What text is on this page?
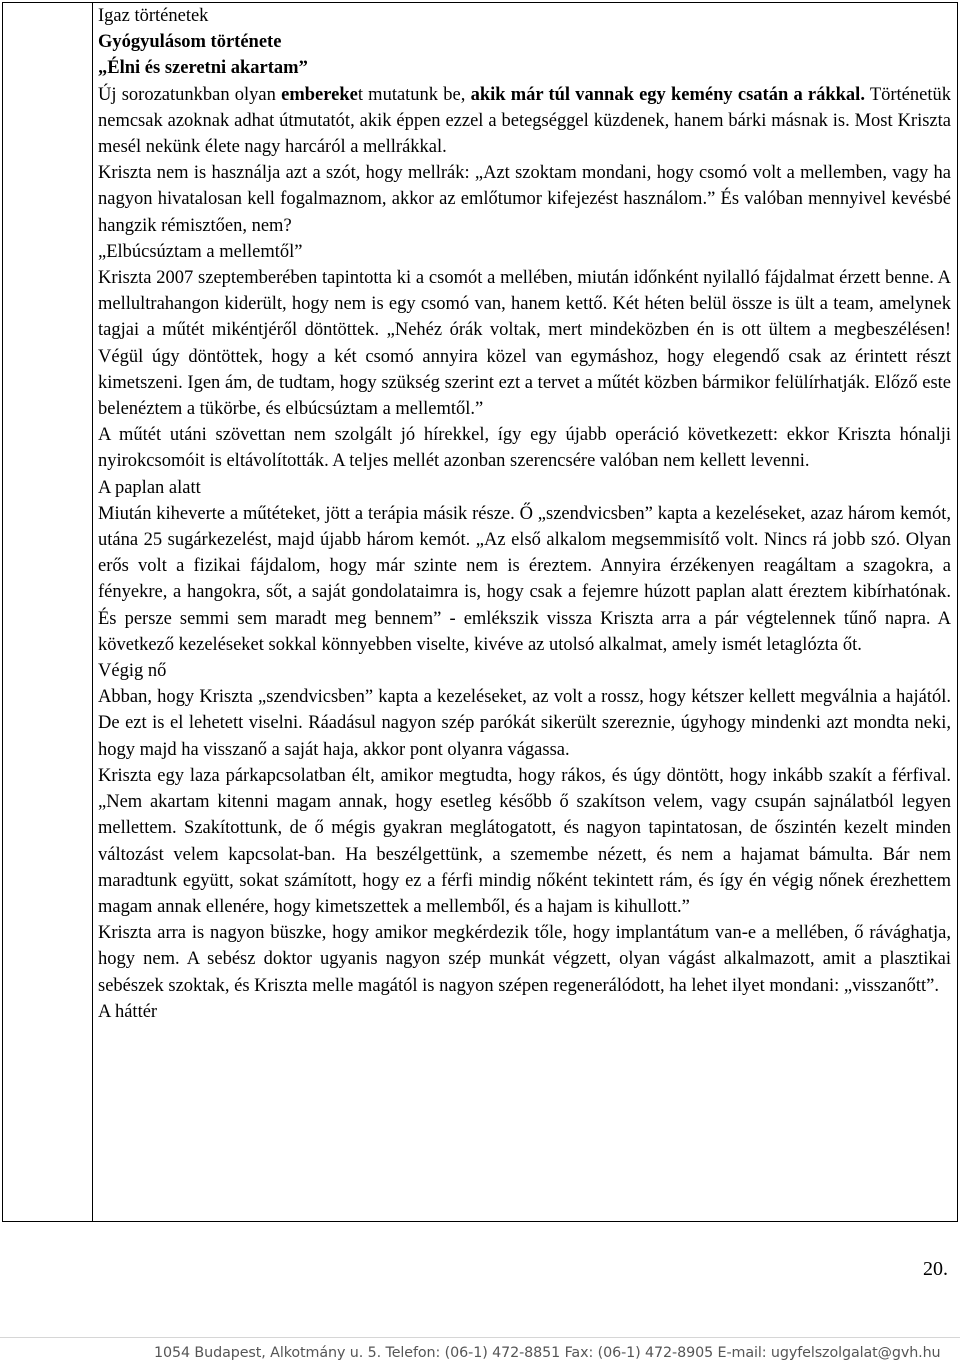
Igaz történetek

Gyógyulásom története

„Élni és szeretni akartam”

Új sorozatunkban olyan embereket mutatunk be, akik már túl vannak egy kemény csatán a rákkal. Történetük nemcsak azoknak adhat útmutatót, akik éppen ezzel a betegséggel küzdenek, hanem bárki másnak is. Most Kriszta mesél nekünk élete nagy harcáról a mellrákkal.

Kriszta nem is használja azt a szót, hogy mellrák: „Azt szoktam mondani, hogy csomó volt a mellemben, vagy ha nagyon hivatalosan kell fogalmaznom, akkor az emlőtumor kifejezést használom.” És valóban mennyivel kevésbé hangzik rémisztően, nem?

„Elbúcsúztam a mellemtől”

Kriszta 2007 szeptemberében tapintotta ki a csomót a mellében, miután időnként nyilalló fájdalmat érzett benne. A mellultrahangon kiderült, hogy nem is egy csomó van, hanem kettő. Két héten belül össze is ült a team, amelynek tagjai a műtét mikéntjéről döntöttek. „Nehéz órák voltak, mert mindeközben én is ott ültem a megbeszélésen! Végül úgy döntöttek, hogy a két csomó annyira közel van egymáshoz, hogy elegendő csak az érintett részt kimetszeni. Igen ám, de tudtam, hogy szükség szerint ezt a tervet a műtét közben bármikor felülírhatják. Előző este belenéztem a tükörbe, és elbúcsúztam a mellemtől.”

A műtét utáni szövettan nem szolgált jó hírekkel, így egy újabb operáció következett: ekkor Kriszta hónalji nyirokcsomóit is eltávolították. A teljes mellét azonban szerencsére valóban nem kellett levenni.

A paplan alatt

Miután kiheverte a műtéteket, jött a terápia másik része. Ő „szendvicsben” kapta a kezeléseket, azaz három kemót, utána 25 sugárkezelést, majd újabb három kemót. „Az első alkalom megsemmisítő volt. Nincs rá jobb szó. Olyan erős volt a fizikai fájdalom, hogy már szinte nem is éreztem. Annyira érzékenyen reagáltam a szagokra, a fényekre, a hangokra, sőt, a saját gondolataimra is, hogy csak a fejemre húzott paplan alatt éreztem kibírhatónak. És persze semmi sem maradt meg bennem” - emlékszik vissza Kriszta arra a pár végtelennek tűnő napra. A következő kezeléseket sokkal könnyebben viselte, kivéve az utolsó alkalmat, amely ismét letaglózta őt.

Végig nő

Abban, hogy Kriszta „szendvicsben” kapta a kezeléseket, az volt a rossz, hogy kétszer kellett megválnia a hajától. De ezt is el lehetett viselni. Ráadásul nagyon szép parókát sikerült szereznie, úgyhogy mindenki azt mondta neki, hogy majd ha visszanő a saját haja, akkor pont olyanra vágassa.

Kriszta egy laza párkapcsolatban élt, amikor megtudta, hogy rákos, és úgy döntött, hogy inkább szakít a férfival. „Nem akartam kitenni magam annak, hogy esetleg később ő szakítson velem, vagy csupán sajnálatból legyen mellettem. Szakítottunk, de ő mégis gyakran meglátogatott, és nagyon tapintatosan, de őszintén kezelt minden változást velem kapcsolat-ban. Ha beszélgettünk, a szemembe nézett, és nem a hajamat bámulta. Bár nem maradtunk együtt, sokat számított, hogy ez a férfi mindig nőként tekintett rám, és így én végig nőnek érezhettem magam annak ellenére, hogy kimetszettek a mellemből, és a hajam is kihullott.”

Kriszta arra is nagyon büszke, hogy amikor megkérdezik tőle, hogy implantátum van-e a mellében, ő rávághatja, hogy nem. A sebész doktor ugyanis nagyon szép munkát végzett, olyan vágást alkalmazott, amit a plasztikai sebészek szoktak, és Kriszta melle magától is nagyon szépen regenerálódott, ha lehet ilyet mondani: „visszanőtt”.

A háttér

20.
1054 Budapest, Alkotmány u. 5. Telefon: (06-1) 472-8851 Fax: (06-1) 472-8905 E-mail: ugyfelszolgalat@gvh.hu
